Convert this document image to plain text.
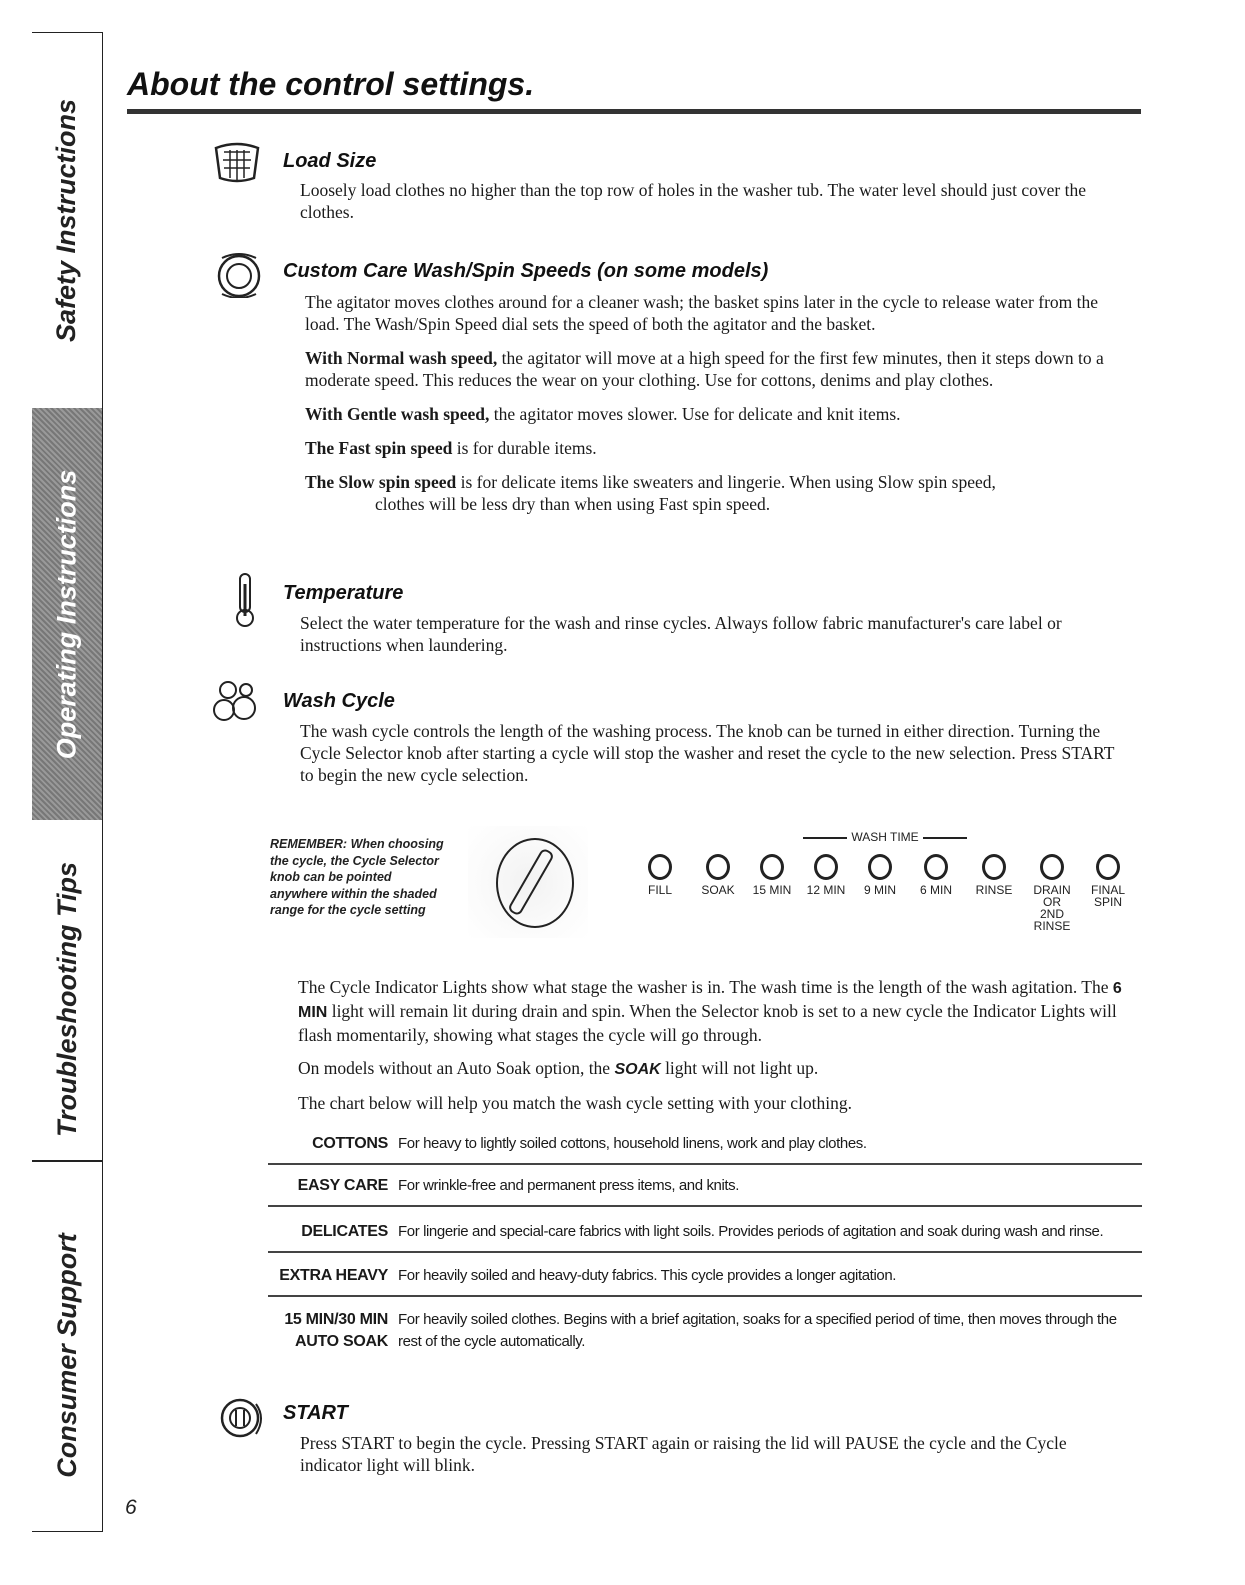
Safety Instructions
Operating Instructions
Troubleshooting Tips
Consumer Support
About the control settings.
Load Size

Loosely load clothes no higher than the top row of holes in the washer tub. The water level should just cover the clothes.

Custom Care Wash/Spin Speeds (on some models)

The agitator moves clothes around for a cleaner wash; the basket spins later in the cycle to release water from the load. The Wash/Spin Speed dial sets the speed of both the agitator and the basket.

With Normal wash speed, the agitator will move at a high speed for the first few minutes, then it steps down to a moderate speed. This reduces the wear on your clothing. Use for cottons, denims and play clothes.

With Gentle wash speed, the agitator moves slower. Use for delicate and knit items.

The Fast spin speed is for durable items.

The Slow spin speed is for delicate items like sweaters and lingerie. When using Slow spin speed,

clothes will be less dry than when using Fast spin speed.

Temperature

Select the water temperature for the wash and rinse cycles. Always follow fabric manufacturer's care label or instructions when laundering.

Wash Cycle

The wash cycle controls the length of the washing process. The knob can be turned in either direction. Turning the Cycle Selector knob after starting a cycle will stop the washer and reset the cycle to the new selection. Press START to begin the new cycle selection.

REMEMBER: When choosing the cycle, the Cycle Selector knob can be pointed anywhere within the shaded range for the cycle setting
WASH TIME
FILL	SOAK	15 MIN	12 MIN	9 MIN	6 MIN	RINSE	DRAIN
OR
2ND
RINSE
FINAL
SPIN

The Cycle Indicator Lights show what stage the washer is in. The wash time is the length of the wash agitation. The 6 MIN light will remain lit during drain and spin. When the Selector knob is set to a new cycle the Indicator Lights will flash momentarily, showing what stages the cycle will go through.

On models without an Auto Soak option, the SOAK light will not light up.

The chart below will help you match the wash cycle setting with your clothing.

COTTONS For heavy to lightly soiled cottons, household linens, work and play clothes.
EASY CARE For wrinkle-free and permanent press items, and knits.
DELICATES For lingerie and special-care fabrics with light soils. Provides periods of agitation and soak during wash and rinse.
EXTRA HEAVY For heavily soiled and heavy-duty fabrics. This cycle provides a longer agitation.
15 MIN/30 MIN
AUTO SOAK
For heavily soiled clothes. Begins with a brief agitation, soaks for a specified period of time, then moves through the rest of the cycle automatically.
START

Press START to begin the cycle. Pressing START again or raising the lid will PAUSE the cycle and the Cycle indicator light will blink.

6
